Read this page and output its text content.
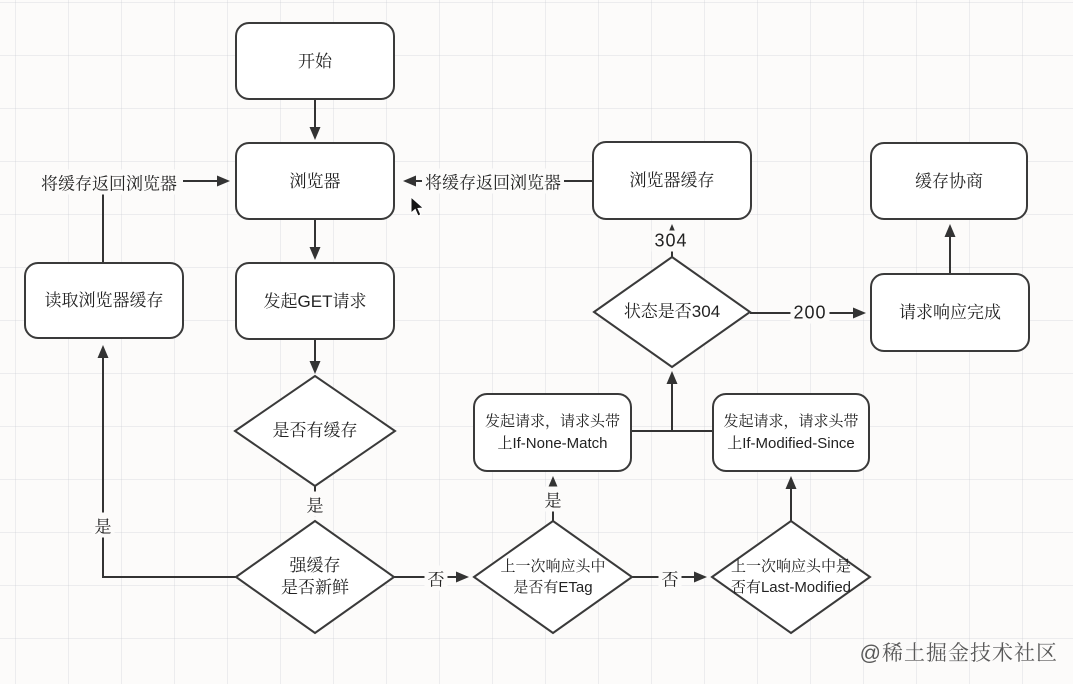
开始
浏览器	浏览器缓存	缓存协商
读取浏览器缓存	发起GET请求
请求响应完成
发起请求，请求头带
上If-None-Match
发起请求，请求头带
上If-Modified-Since
是否有缓存
状态是否304
强缓存
是否新鲜
上一次响应头中
是否有ETag
上一次响应头中是
否有Last-Modified
将缓存返回浏览器	将缓存返回浏览器
304
200
是
是	是
否	否
@稀土掘金技术社区
